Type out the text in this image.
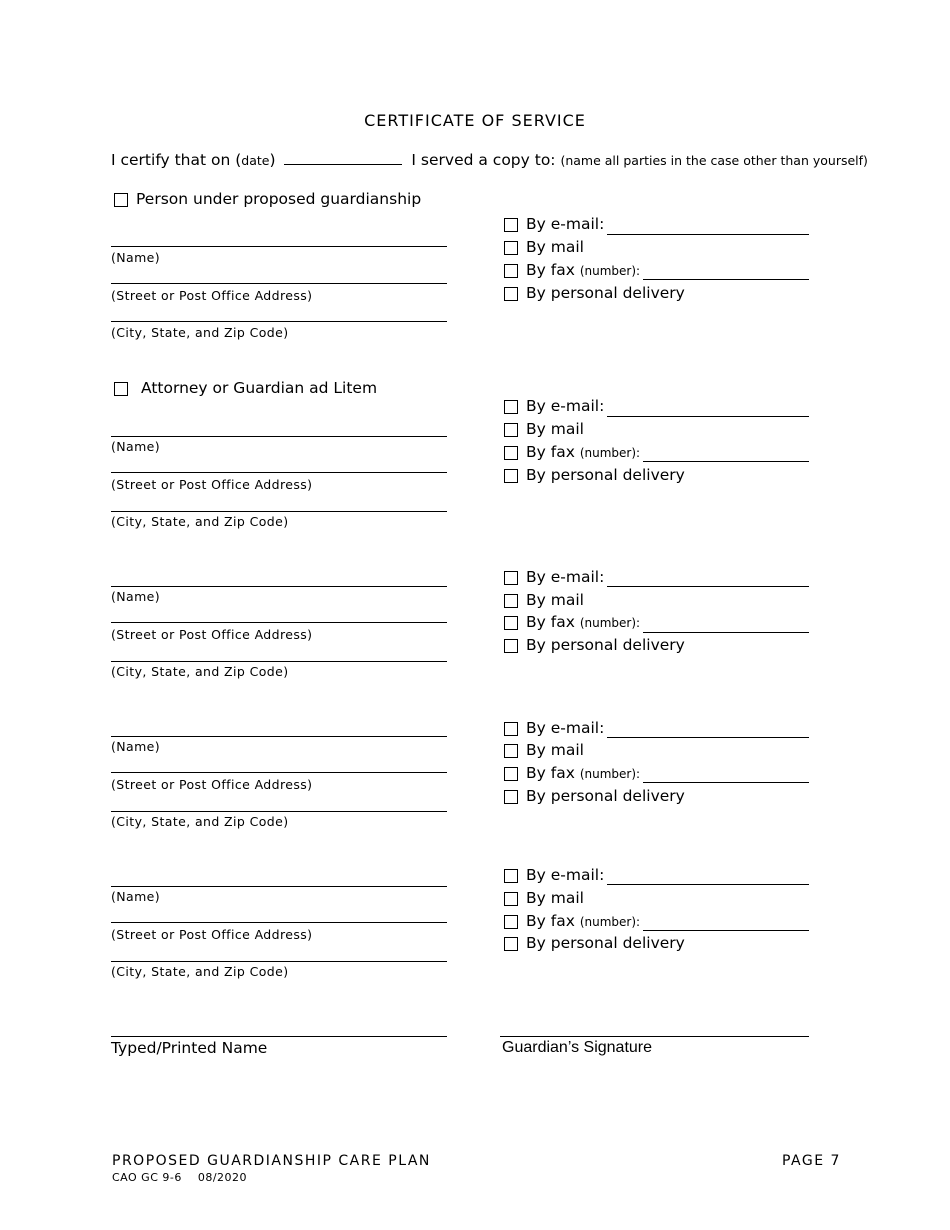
CERTIFICATE OF SERVICE
I certify that on (date)	I served a copy to: (name all parties in the case other than yourself)
Person under proposed guardianship
(Name)
(Street or Post Office Address)
(City, State, and Zip Code)
By e-mail:
By mail
By fax (number):
By personal delivery
Attorney or Guardian ad Litem
(Name)
(Street or Post Office Address)
(City, State, and Zip Code)
By e-mail:
By mail
By fax (number):
By personal delivery
(Name)
(Street or Post Office Address)
(City, State, and Zip Code)
By e-mail:
By mail
By fax (number):
By personal delivery
(Name)
(Street or Post Office Address)
(City, State, and Zip Code)
By e-mail:
By mail
By fax (number):
By personal delivery
(Name)
(Street or Post Office Address)
(City, State, and Zip Code)
By e-mail:
By mail
By fax (number):
By personal delivery
Typed/Printed Name	Guardian’s Signature
PROPOSED GUARDIANSHIP CARE PLAN
CAO GC 9-6    08/2020
PAGE 7
